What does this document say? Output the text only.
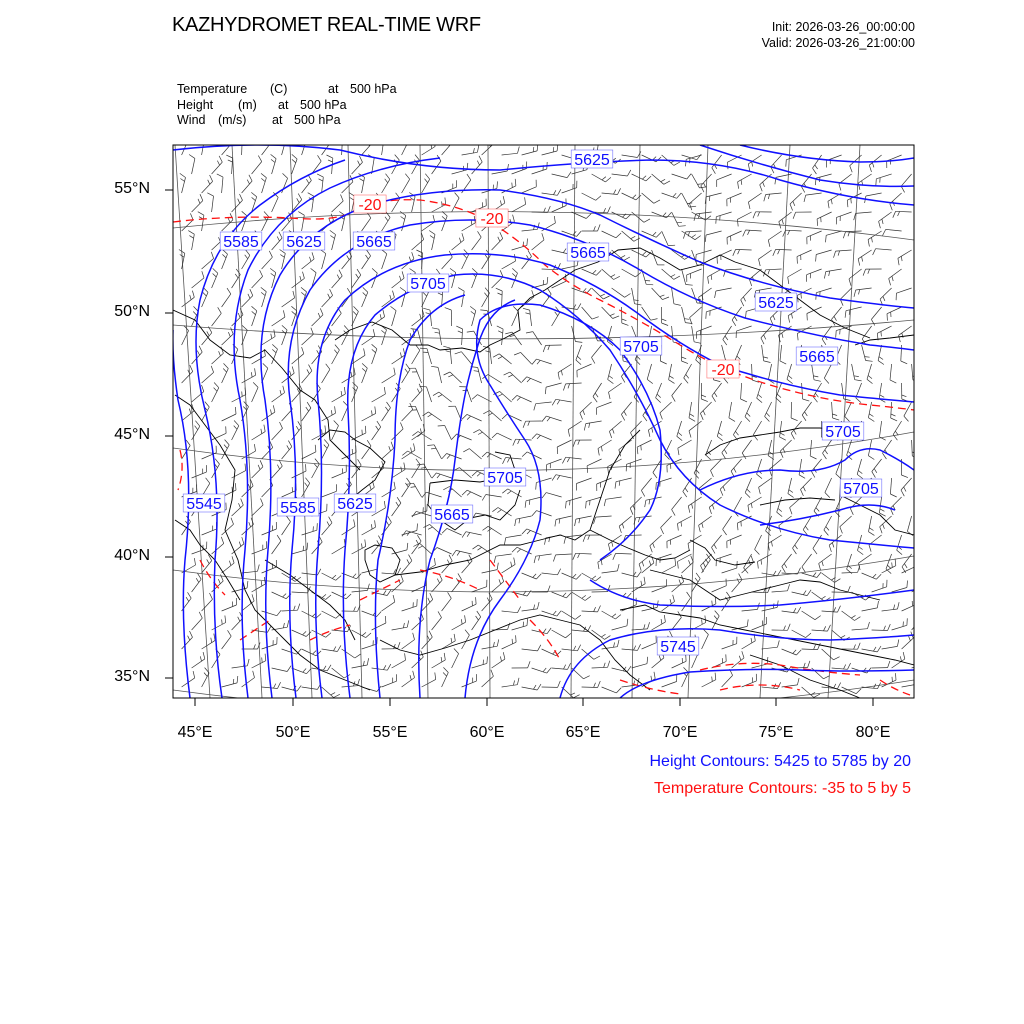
KAZHYDROMET REAL-TIME WRF	Init: 2026-03-26_00:00:00
Valid: 2026-03-26_21:00:00
Temperature (C)	at 500 hPa
Height (m) at 500 hPa
Wind (m/s) at 500 hPa
5625
5585 5625 5665
5705
5665
5625
5705
5665
5705
5705
5545	5585 5625
5665
5705
5745
-20
-20
-20
55°N
50°N
45°N
40°N
35°N
45°E	50°E	55°E	60°E	65°E	70°E	75°E	80°E
Height Contours: 5425 to 5785 by 20
Temperature Contours: -35 to 5 by 5
